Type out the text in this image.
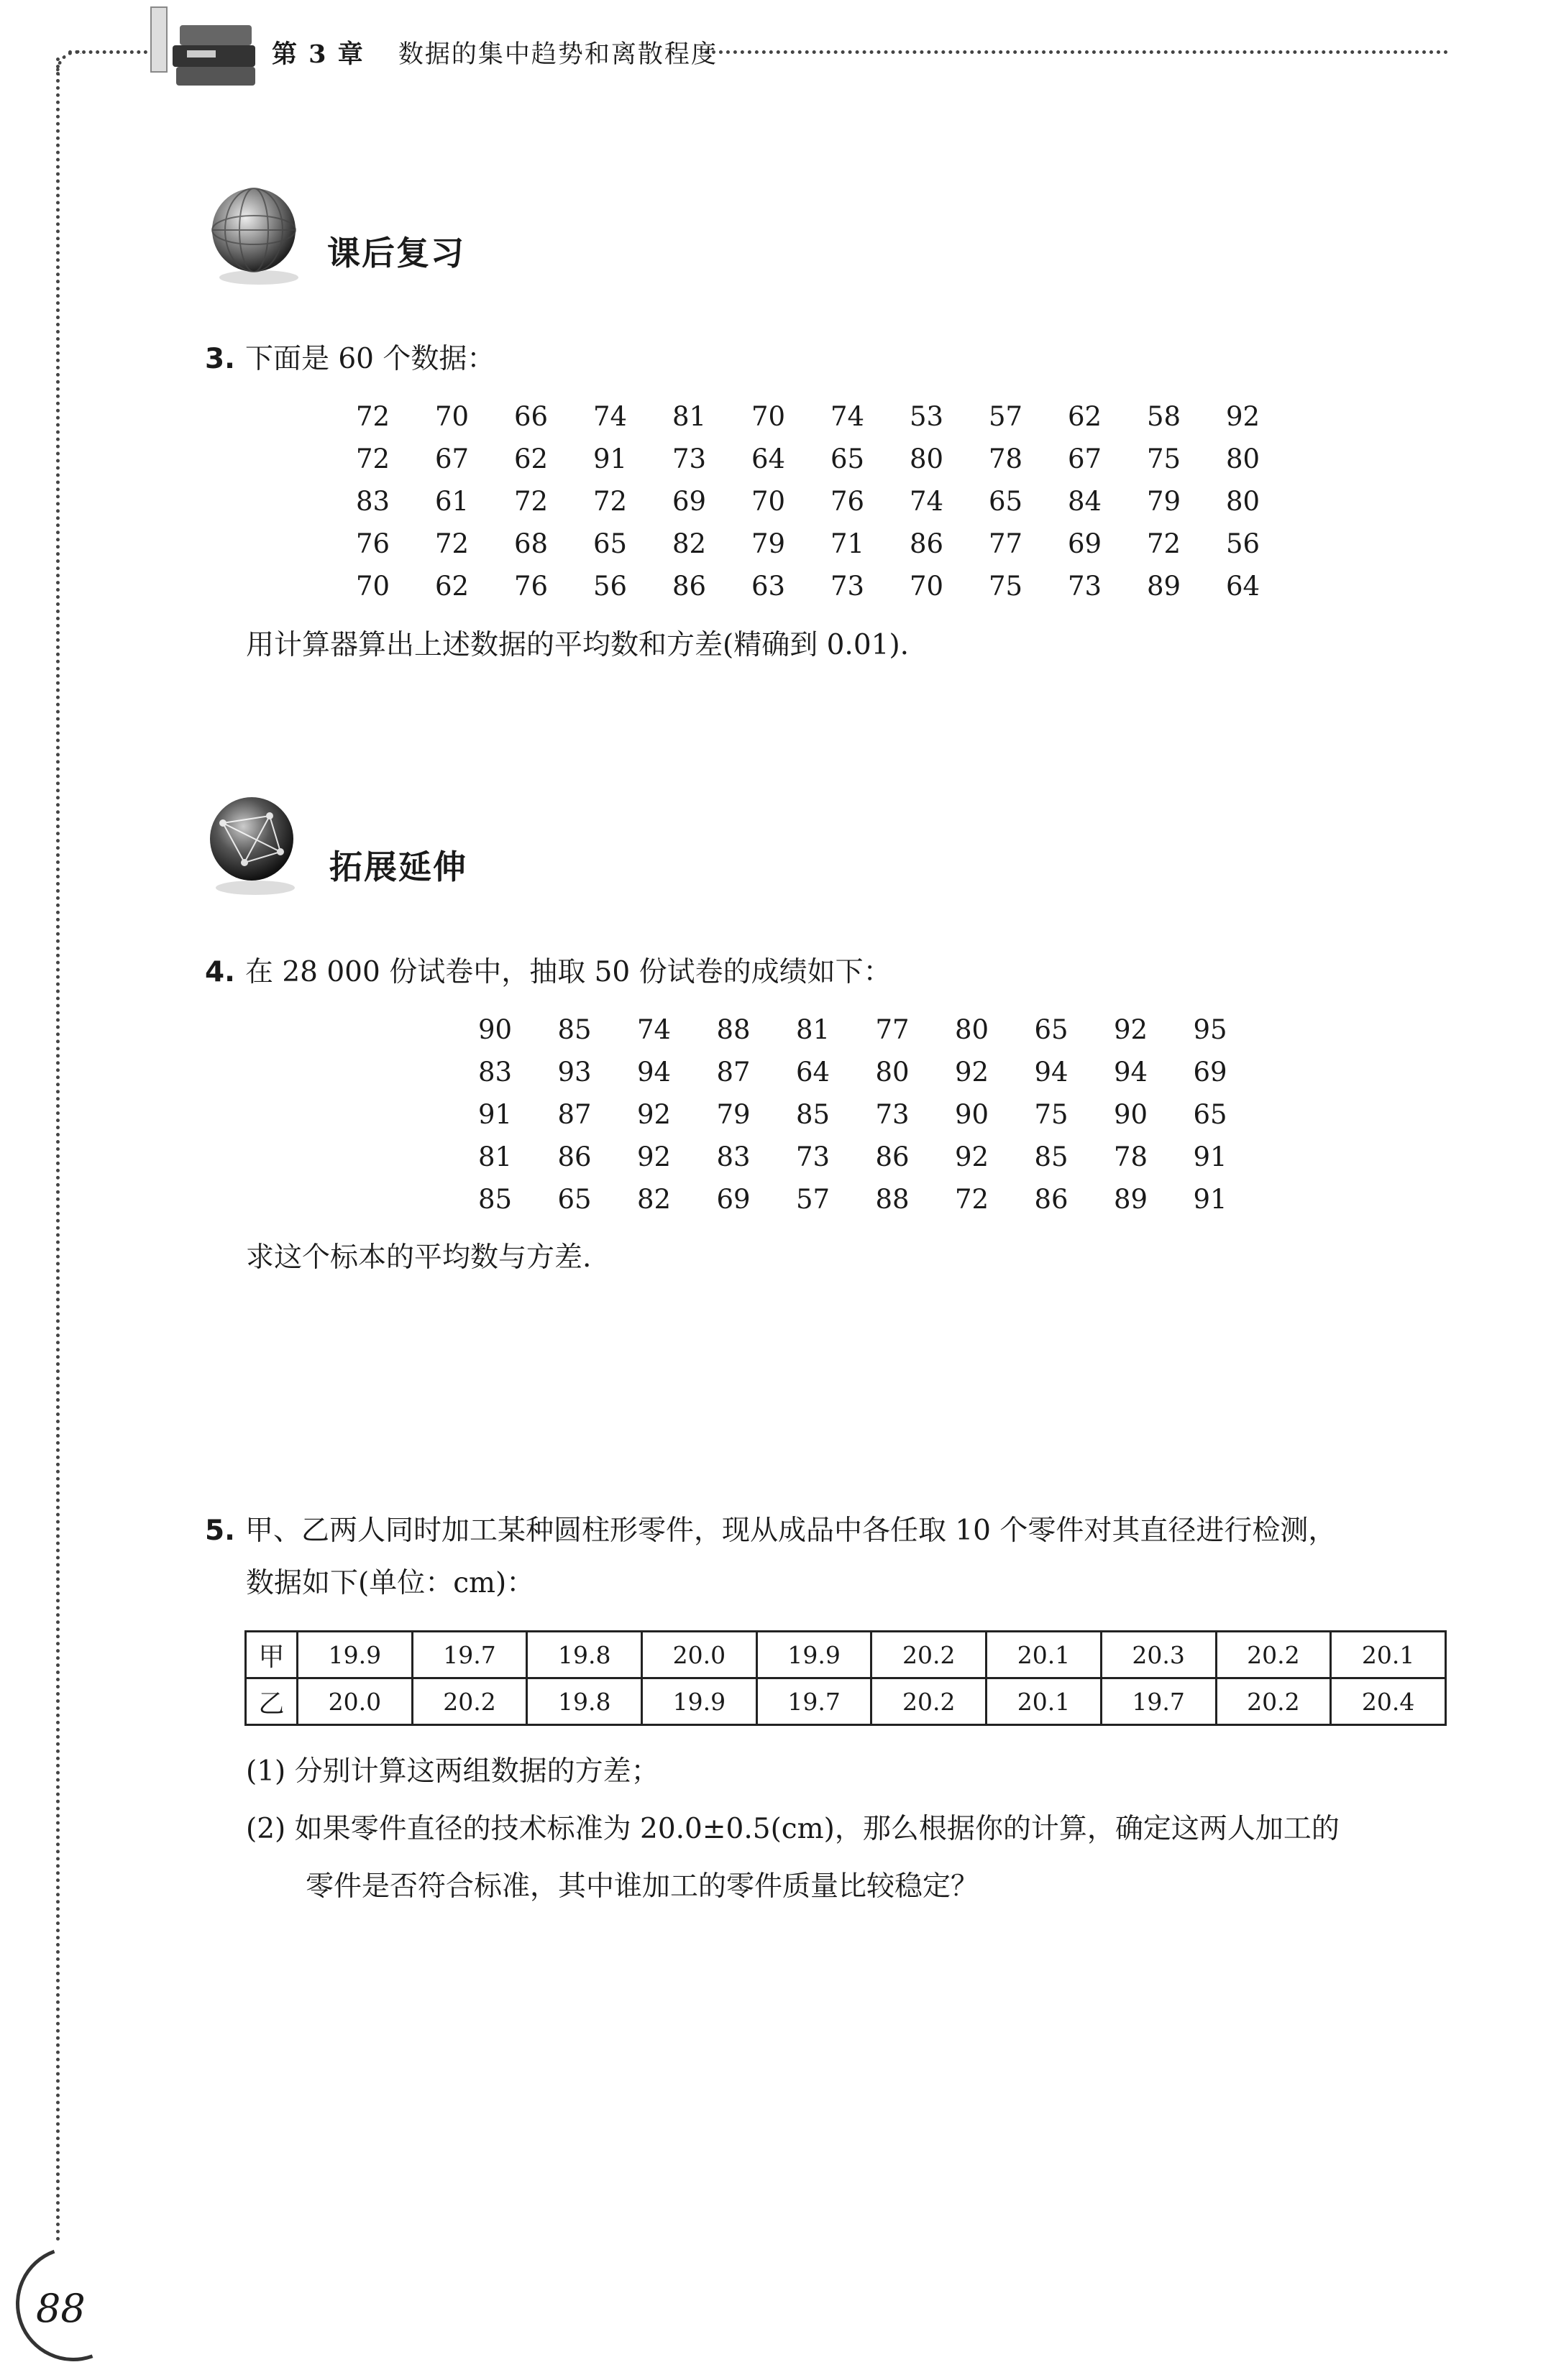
第 3 章 数据的集中趋势和离散程度
课后复习
3. 下面是 60 个数据：
72	70	66	74	81	70	74	53	57	62	58	92
72	67	62	91	73	64	65	80	78	67	75	80
83	61	72	72	69	70	76	74	65	84	79	80
76	72	68	65	82	79	71	86	77	69	72	56
70	62	76	56	86	63	73	70	75	73	89	64
用计算器算出上述数据的平均数和方差(精确到 0.01).
拓展延伸
4. 在 28 000 份试卷中，抽取 50 份试卷的成绩如下：
90	85	74	88	81	77	80	65	92	95
83	93	94	87	64	80	92	94	94	69
91	87	92	79	85	73	90	75	90	65
81	86	92	83	73	86	92	85	78	91
85	65	82	69	57	88	72	86	89	91
求这个标本的平均数与方差.
5. 甲、乙两人同时加工某种圆柱形零件，现从成品中各任取 10 个零件对其直径进行检测，
数据如下(单位：cm)：
甲	19.9	19.7	19.8	20.0	19.9	20.2	20.1	20.3	20.2	20.1
乙	20.0	20.2	19.8	19.9	19.7	20.2	20.1	19.7	20.2	20.4
(1) 分别计算这两组数据的方差；
(2) 如果零件直径的技术标准为 20.0±0.5(cm)，那么根据你的计算，确定这两人加工的
零件是否符合标准，其中谁加工的零件质量比较稳定？
88
